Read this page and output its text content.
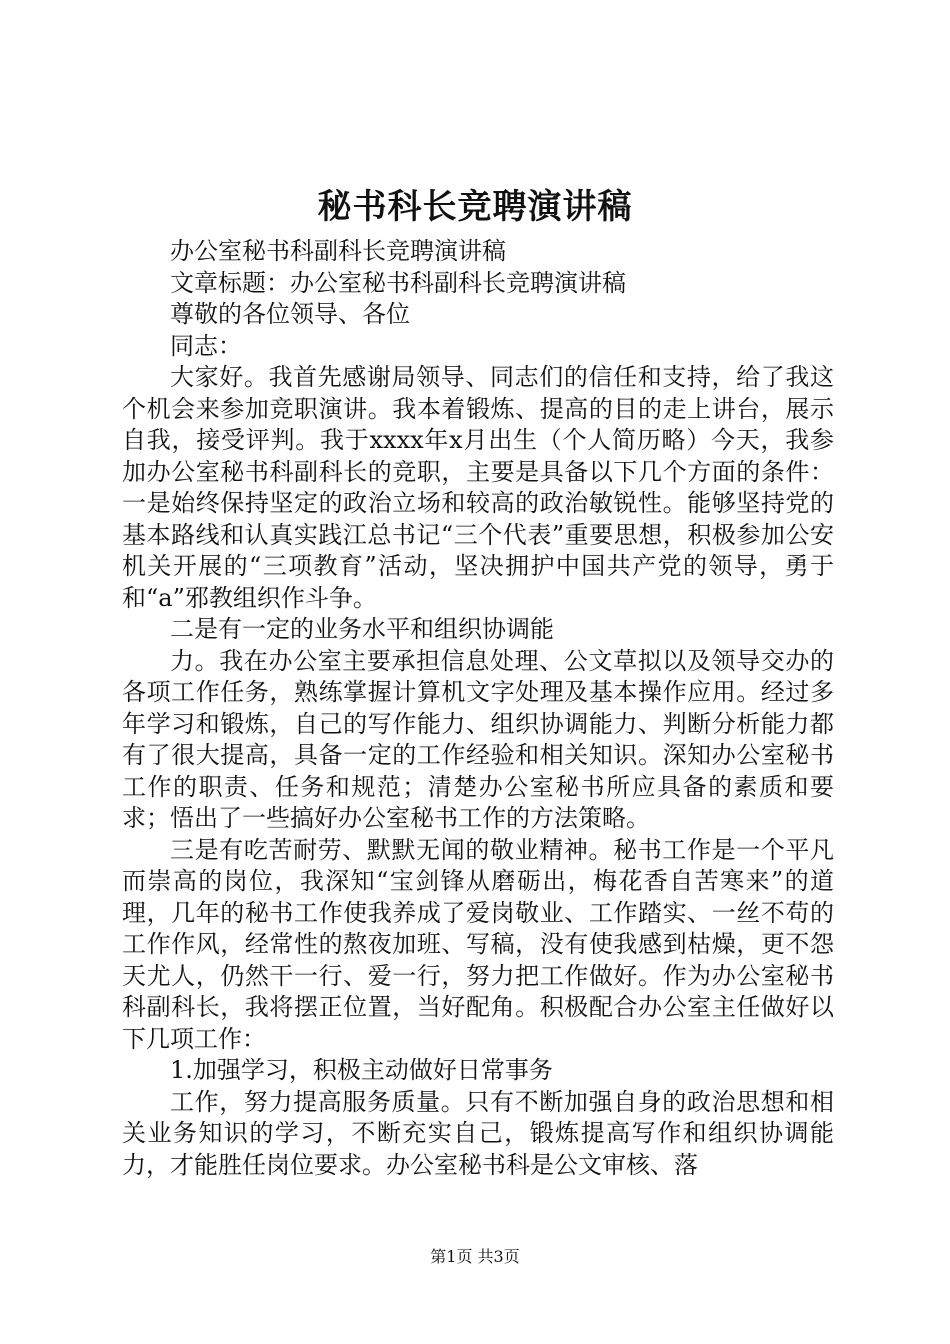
秘书科长竞聘演讲稿

办公室秘书科副科长竞聘演讲稿

文章标题：办公室秘书科副科长竞聘演讲稿

尊敬的各位领导、各位

同志：

大家好。我首先感谢局领导、同志们的信任和支持，给了我这个机会来参加竞职演讲。我本着锻炼、提高的目的走上讲台，展示自我，接受评判。我于xxxx年x月出生（个人简历略）今天，我参加办公室秘书科副科长的竞职，主要是具备以下几个方面的条件：一是始终保持坚定的政治立场和较高的政治敏锐性。能够坚持党的基本路线和认真实践江总书记“三个代表”重要思想，积极参加公安机关开展的“三项教育”活动，坚决拥护中国共产党的领导，勇于和“a”邪教组织作斗争。

二是有一定的业务水平和组织协调能

力。我在办公室主要承担信息处理、公文草拟以及领导交办的各项工作任务，熟练掌握计算机文字处理及基本操作应用。经过多年学习和锻炼，自己的写作能力、组织协调能力、判断分析能力都有了很大提高，具备一定的工作经验和相关知识。深知办公室秘书工作的职责、任务和规范；清楚办公室秘书所应具备的素质和要求；悟出了一些搞好办公室秘书工作的方法策略。

三是有吃苦耐劳、默默无闻的敬业精神。秘书工作是一个平凡而崇高的岗位，我深知“宝剑锋从磨砺出，梅花香自苦寒来”的道理，几年的秘书工作使我养成了爱岗敬业、工作踏实、一丝不苟的工作作风，经常性的熬夜加班、写稿，没有使我感到枯燥，更不怨天尤人，仍然干一行、爱一行，努力把工作做好。作为办公室秘书科副科长，我将摆正位置，当好配角。积极配合办公室主任做好以下几项工作：

1.加强学习，积极主动做好日常事务

工作，努力提高服务质量。只有不断加强自身的政治思想和相关业务知识的学习，不断充实自己，锻炼提高写作和组织协调能力，才能胜任岗位要求。办公室秘书科是公文审核、落

第1页 共3页
